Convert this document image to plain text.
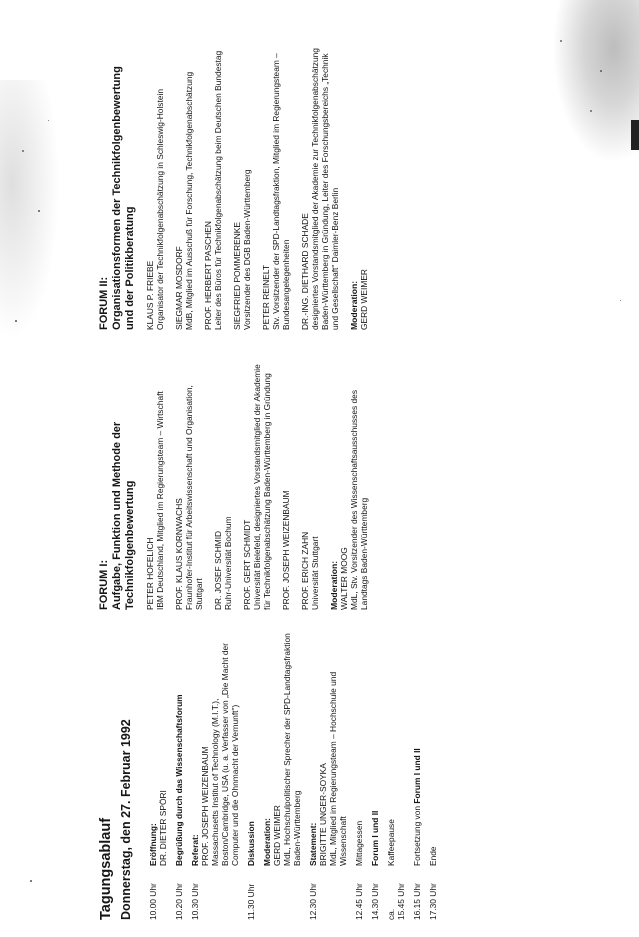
Tagungsablauf Donnerstag, den 27. Februar 1992 10.00 Uhr
Eröffnung: DR. DIETER SPÖRI
10.20 Uhr
Begrüßung durch das Wissenschaftsforum
10.30 Uhr
Referat: PROF. JOSEPH WEIZENBAUM Massachusetts Institut of Technology (M.I.T.), Boston/Cambridge, USA (u. a. Verfasser von „Die Macht der Computer und die Ohnmacht der Vernunft")
11.30 Uhr
Diskussion Moderation: GERD WEIMER MdL, Hochschulpolitischer Sprecher der SPD-Landtagsfraktion Baden-Württemberg
12.30 Uhr
Statement: BRIGITTE UNGER-SOYKA MdL, Mitglied im Regierungsteam – Hochschule und Wissenschaft
12.45 Uhr
Mittagessen
14.30 Uhr
Forum I und II
ca.
15.45 Uhr
Kaffeepause
16.15 Uhr
Fortsetzung von Forum I und II
17.30 Uhr
Ende
FORUM I: Aufgabe, Funktion und Methode der Technikfolgenbewertung PETER HOFELICH IBM Deutschland, Mitglied im Regierungsteam – Wirtschaft PROF. KLAUS KORNWACHS Fraunhofer-Institut für Arbeitswissenschaft und Organisation, Stuttgart DR. JOSEF SCHMID Ruhr-Universität Bochum PROF. GERT SCHMIDT Universität Bielefeld, designiertes Vorstandsmitglied der Akademie für Technikfolgenabschätzung Baden-Württemberg in Gründung PROF. JOSEPH WEIZENBAUM PROF. ERICH ZAHN Universität Stuttgart Moderation: WALTER MOOG MdL, Stv. Vorsitzender des Wissenschaftsausschusses des Landtags Baden-Württemberg
FORUM II: Organisationsformen der Technikfolgenbewertung und der Politikberatung KLAUS P. FRIEBE Organisator der Technikfolgenabschätzung in Schleswig-Holstein SIEGMAR MOSDORF MdB, Mitglied im Ausschuß für Forschung, Technikfolgenabschätzung PROF. HERBERT PASCHEN Leiter des Büros für Technikfolgenabschätzung beim Deutschen Bundestag SIEGFRIED POMMERENKE Vorsitzender des DGB Baden-Württemberg PETER REINELT Stv. Vorsitzender der SPD-Landtagsfraktion, Mitglied im Regierungsteam – Bundesangelegenheiten DR.-ING. DIETHARD SCHADE designiertes Vorstandsmitglied der Akademie zur Technikfolgenabschätzung Baden-Württemberg in Gründung, Leiter des Forschungsbereichs „Technik und Gesellschaft" Daimler-Benz Berlin Moderation: GERD WEIMER
